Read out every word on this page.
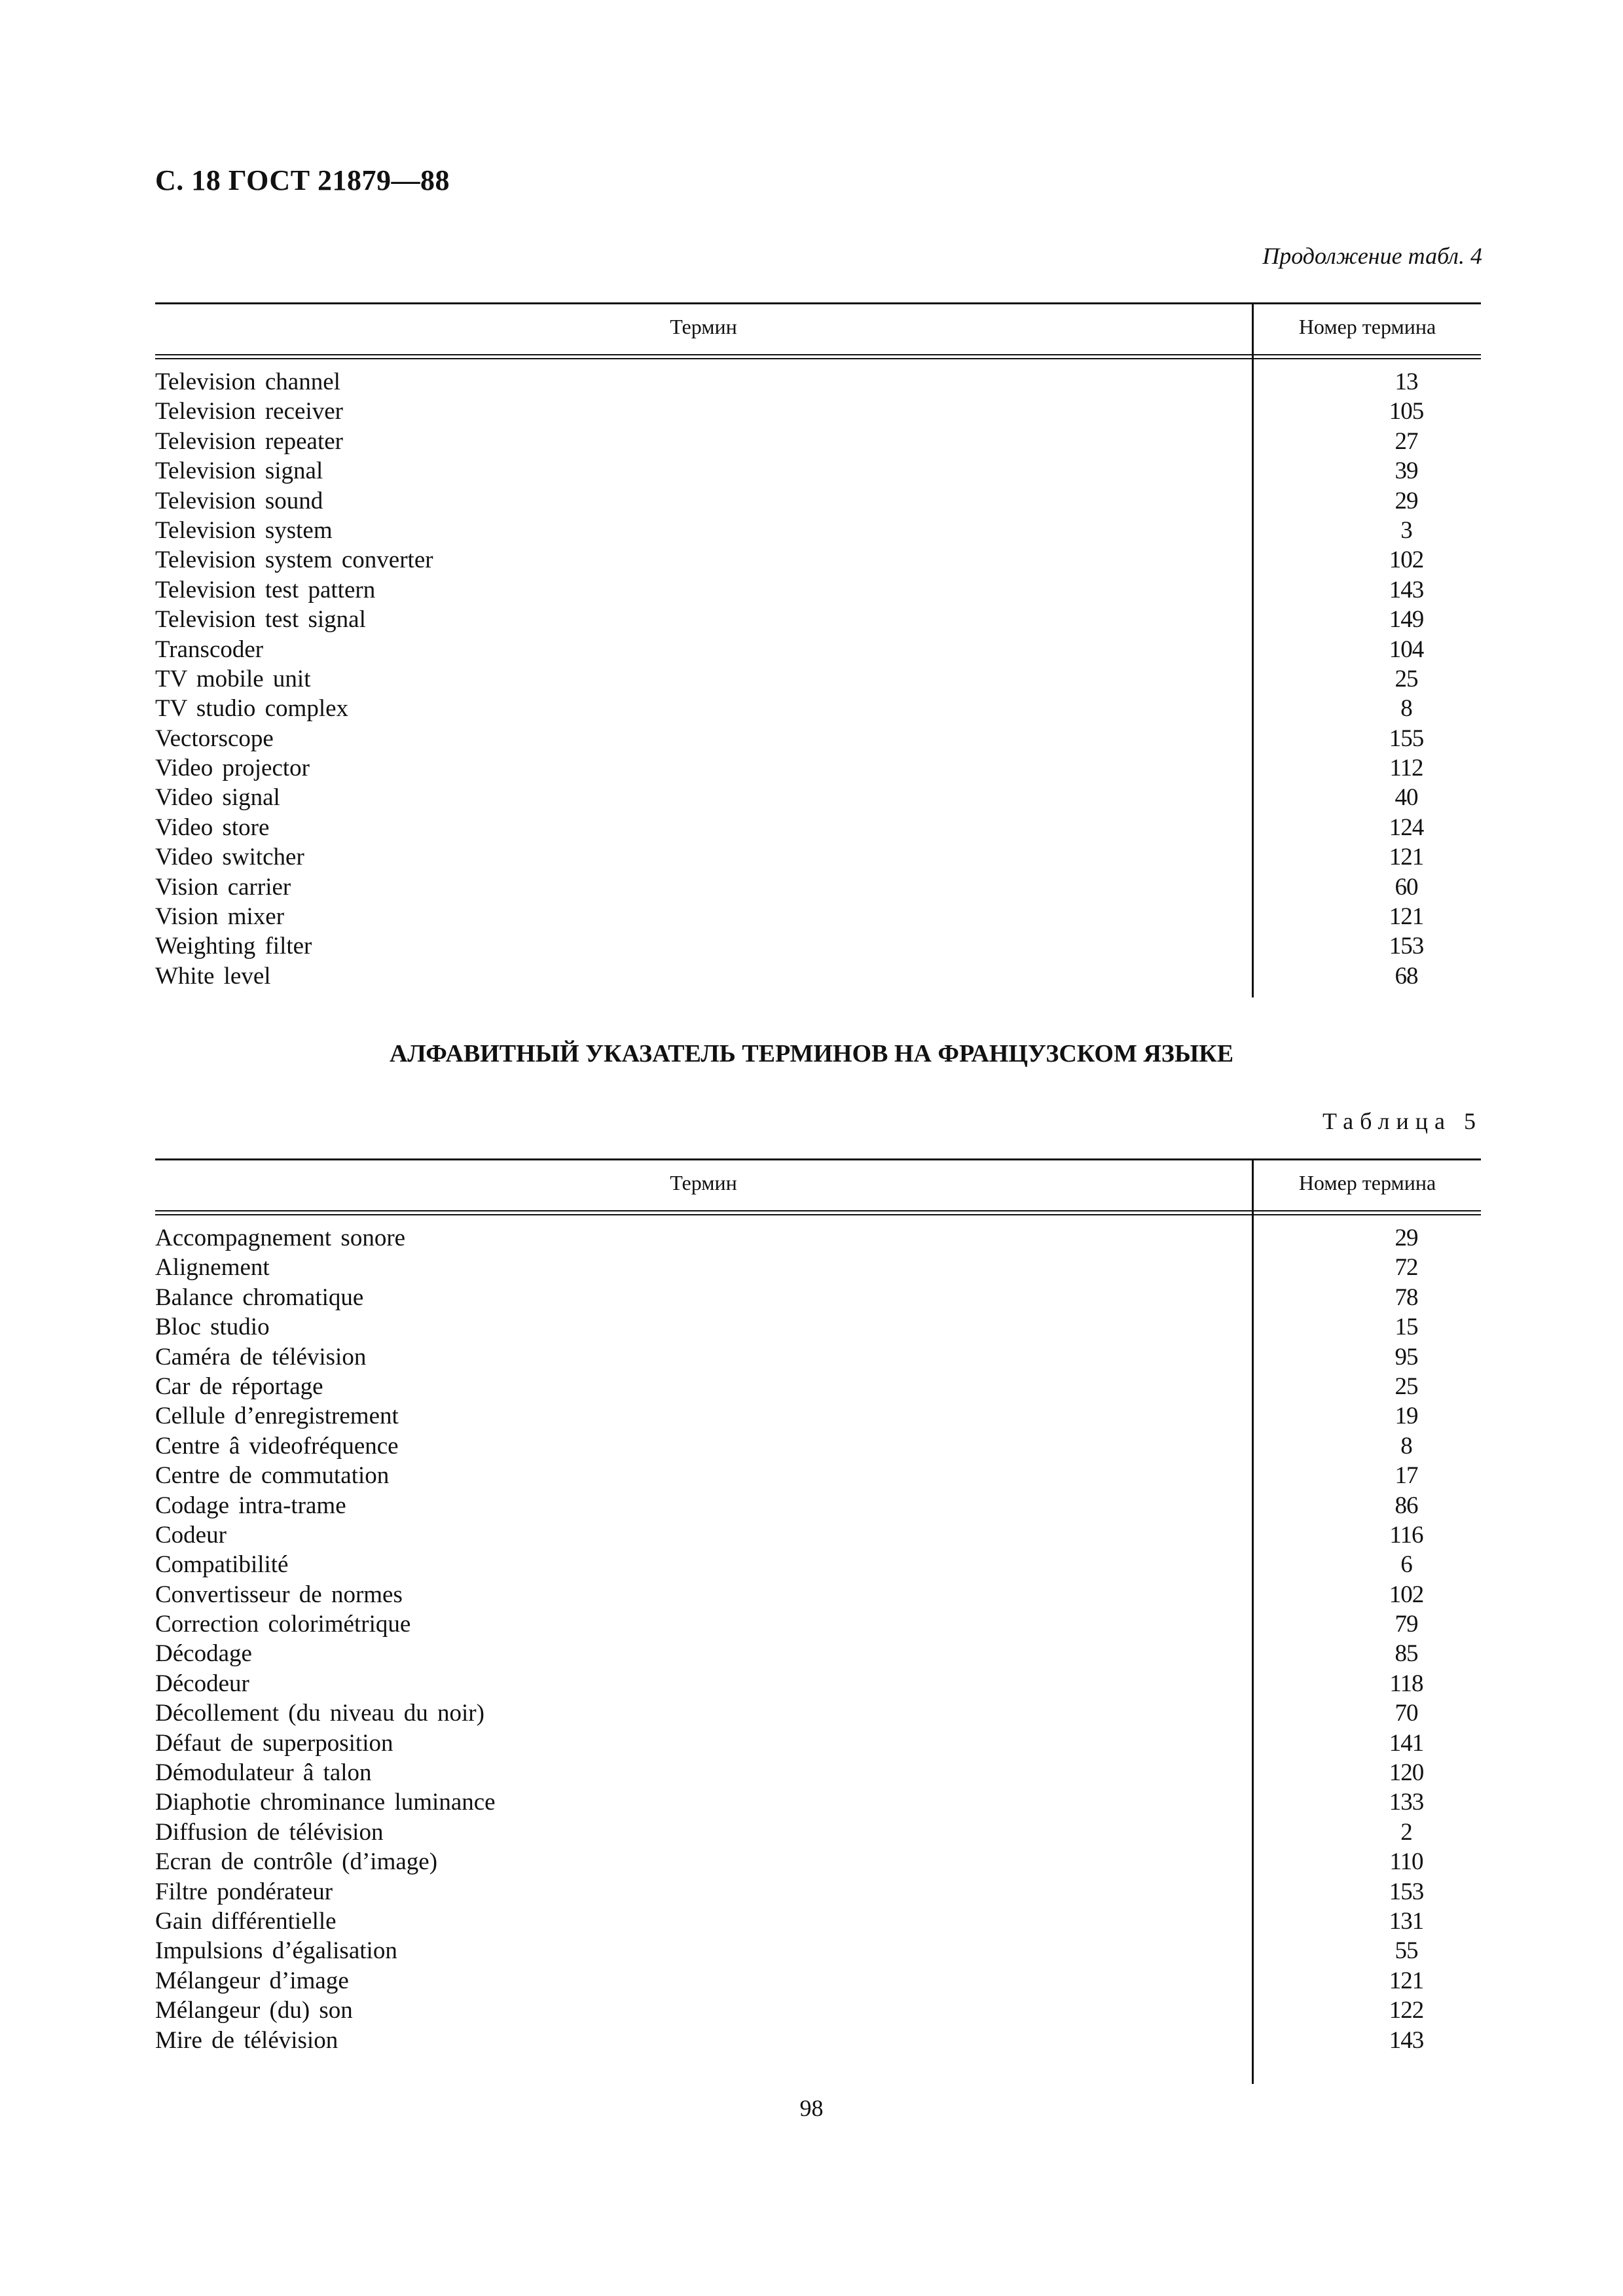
С. 18 ГОСТ 21879—88
Продолжение табл. 4
Термин	Номер термина
Television channel	13
Television receiver	105
Television repeater	27
Television signal	39
Television sound	29
Television system	3
Television system converter	102
Television test pattern	143
Television test signal	149
Transcoder	104
TV mobile unit	25
TV studio complex	8
Vectorscope	155
Video projector	112
Video signal	40
Video store	124
Video switcher	121
Vision carrier	60
Vision mixer	121
Weighting filter	153
White level	68
АЛФАВИТНЫЙ УКАЗАТЕЛЬ ТЕРМИНОВ НА ФРАНЦУЗСКОМ ЯЗЫКЕ
Таблица 5
Термин	Номер термина
Accompagnement sonore	29
Alignement	72
Balance chromatique	78
Bloc studio	15
Caméra de télévision	95
Car de réportage	25
Cellule d’enregistrement	19
Centre â videofréquence	8
Centre de commutation	17
Codage intra-trame	86
Codeur	116
Compatibilité	6
Convertisseur de normes	102
Correction colorimétrique	79
Décodage	85
Décodeur	118
Décollement (du niveau du noir)	70
Défaut de superposition	141
Démodulateur â talon	120
Diaphotie chrominance luminance	133
Diffusion de télévision	2
Ecran de contrôle (d’image)	110
Filtre pondérateur	153
Gain différentielle	131
Impulsions d’égalisation	55
Mélangeur d’image	121
Mélangeur (du) son	122
Mire de télévision	143
98
